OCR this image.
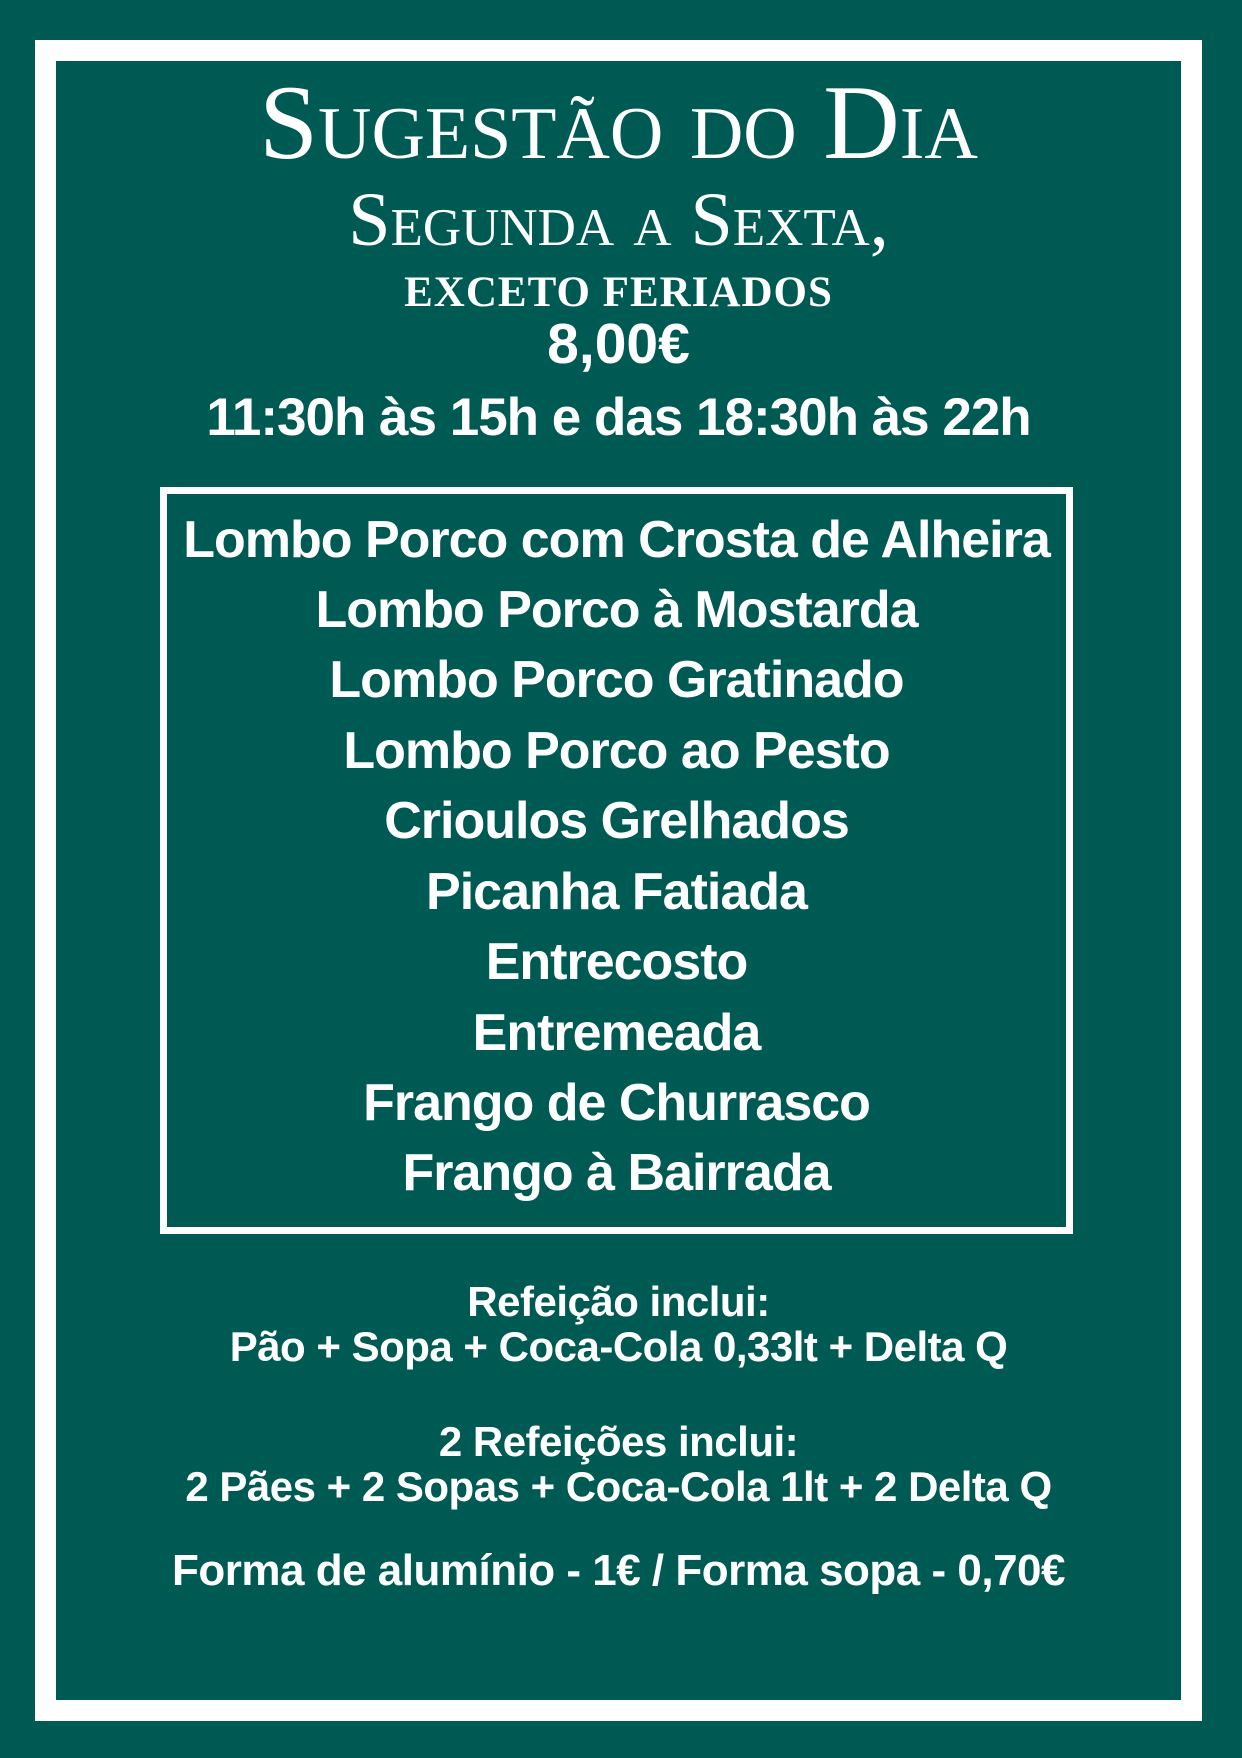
Sugestão do Dia
Segunda a Sexta,
EXCETO FERIADOS
8,00€
11:30h às 15h e das 18:30h às 22h
Lombo Porco com Crosta de Alheira
Lombo Porco à Mostarda
Lombo Porco Gratinado
Lombo Porco ao Pesto
Crioulos Grelhados
Picanha Fatiada
Entrecosto
Entremeada
Frango de Churrasco
Frango à Bairrada
Refeição inclui:
Pão + Sopa + Coca-Cola 0,33lt + Delta Q
2 Refeições inclui:
2 Pães + 2 Sopas + Coca-Cola 1lt + 2 Delta Q
Forma de alumínio - 1€ / Forma sopa - 0,70€
